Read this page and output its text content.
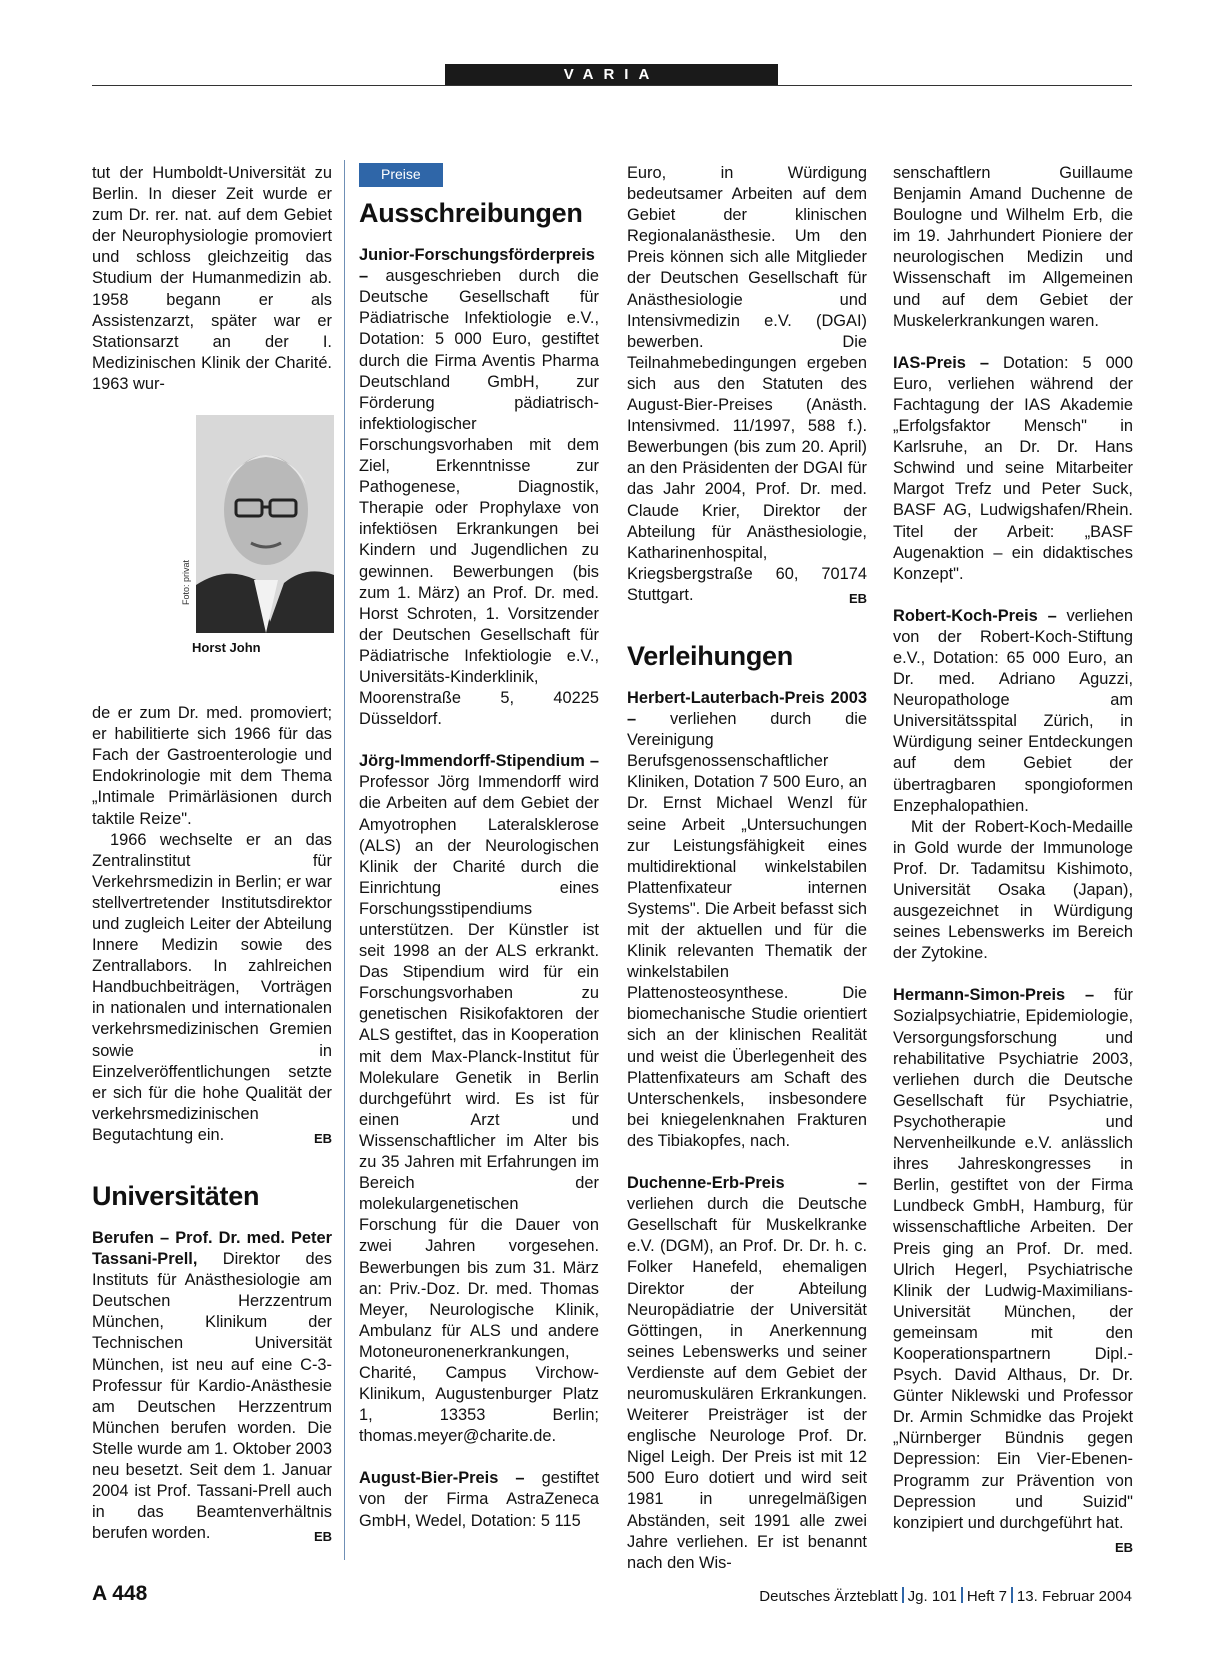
VARIA

tut der Humboldt-Universität zu Berlin. In dieser Zeit wurde er zum Dr. rer. nat. auf dem Gebiet der Neurophysiologie promoviert und schloss gleichzeitig das Studium der Humanmedizin ab. 1958 begann er als Assistenzarzt, später war er Stationsarzt an der I. Medizinischen Klinik der Charité. 1963 wur-

Foto: privat
Horst John

de er zum Dr. med. promoviert; er habilitierte sich 1966 für das Fach der Gastroenterologie und Endokrinologie mit dem Thema „Intimale Primärläsionen durch taktile Reize".

1966 wechselte er an das Zentralinstitut für Verkehrsmedizin in Berlin; er war stellvertretender Institutsdirektor und zugleich Leiter der Abteilung Innere Medizin sowie des Zentrallabors. In zahlreichen Handbuchbeiträgen, Vorträgen in nationalen und internationalen verkehrsmedizinischen Gremien sowie in Einzelveröffentlichungen setzte er sich für die hohe Qualität der verkehrsmedizinischen Begutachtung ein.	EB

Universitäten

Berufen – Prof. Dr. med. Peter Tassani-Prell, Direktor des Instituts für Anästhesiologie am Deutschen Herzzentrum München, Klinikum der Technischen Universität München, ist neu auf eine C-3-Professur für Kardio-Anästhesie am Deutschen Herzzentrum München berufen worden. Die Stelle wurde am 1. Oktober 2003 neu besetzt. Seit dem 1. Januar 2004 ist Prof. Tassani-Prell auch in das Beamtenverhältnis berufen worden.	EB

Preise
Ausschreibungen

Junior-Forschungsförderpreis – ausgeschrieben durch die Deutsche Gesellschaft für Pädiatrische Infektiologie e.V., Dotation: 5 000 Euro, gestiftet durch die Firma Aventis Pharma Deutschland GmbH, zur Förderung pädiatrisch-infektiologischer Forschungsvorhaben mit dem Ziel, Erkenntnisse zur Pathogenese, Diagnostik, Therapie oder Prophylaxe von infektiösen Erkrankungen bei Kindern und Jugendlichen zu gewinnen. Bewerbungen (bis zum 1. März) an Prof. Dr. med. Horst Schroten, 1. Vorsitzender der Deutschen Gesellschaft für Pädiatrische Infektiologie e.V., Universitäts-Kinderklinik, Moorenstraße 5, 40225 Düsseldorf.

Jörg-Immendorff-Stipendium – Professor Jörg Immendorff wird die Arbeiten auf dem Gebiet der Amyotrophen Lateralsklerose (ALS) an der Neurologischen Klinik der Charité durch die Einrichtung eines Forschungsstipendiums unterstützen. Der Künstler ist seit 1998 an der ALS erkrankt. Das Stipendium wird für ein Forschungsvorhaben zu genetischen Risikofaktoren der ALS gestiftet, das in Kooperation mit dem Max-Planck-Institut für Molekulare Genetik in Berlin durchgeführt wird. Es ist für einen Arzt und Wissenschaftlicher im Alter bis zu 35 Jahren mit Erfahrungen im Bereich der molekulargenetischen Forschung für die Dauer von zwei Jahren vorgesehen. Bewerbungen bis zum 31. März an: Priv.-Doz. Dr. med. Thomas Meyer, Neurologische Klinik, Ambulanz für ALS und andere Motoneuronenerkrankungen, Charité, Campus Virchow-Klinikum, Augustenburger Platz 1, 13353 Berlin; thomas.meyer@charite.de.

August-Bier-Preis – gestiftet von der Firma AstraZeneca GmbH, Wedel, Dotation: 5 115

Euro, in Würdigung bedeutsamer Arbeiten auf dem Gebiet der klinischen Regionalanästhesie. Um den Preis können sich alle Mitglieder der Deutschen Gesellschaft für Anästhesiologie und Intensivmedizin e.V. (DGAI) bewerben. Die Teilnahmebedingungen ergeben sich aus den Statuten des August-Bier-Preises (Anästh. Intensivmed. 11/1997, 588 f.). Bewerbungen (bis zum 20. April) an den Präsidenten der DGAI für das Jahr 2004, Prof. Dr. med. Claude Krier, Direktor der Abteilung für Anästhesiologie, Katharinenhospital, Kriegsbergstraße 60, 70174 Stuttgart.	EB

Verleihungen

Herbert-Lauterbach-Preis 2003 – verliehen durch die Vereinigung Berufsgenossenschaftlicher Kliniken, Dotation 7 500 Euro, an Dr. Ernst Michael Wenzl für seine Arbeit „Untersuchungen zur Leistungsfähigkeit eines multidirektional winkelstabilen Plattenfixateur internen Systems". Die Arbeit befasst sich mit der aktuellen und für die Klinik relevanten Thematik der winkelstabilen Plattenosteosynthese. Die biomechanische Studie orientiert sich an der klinischen Realität und weist die Überlegenheit des Plattenfixateurs am Schaft des Unterschenkels, insbesondere bei kniegelenknahen Frakturen des Tibiakopfes, nach.

Duchenne-Erb-Preis – verliehen durch die Deutsche Gesellschaft für Muskelkranke e.V. (DGM), an Prof. Dr. Dr. h. c. Folker Hanefeld, ehemaligen Direktor der Abteilung Neuropädiatrie der Universität Göttingen, in Anerkennung seines Lebenswerks und seiner Verdienste auf dem Gebiet der neuromuskulären Erkrankungen. Weiterer Preisträger ist der englische Neurologe Prof. Dr. Nigel Leigh. Der Preis ist mit 12 500 Euro dotiert und wird seit 1981 in unregelmäßigen Abständen, seit 1991 alle zwei Jahre verliehen. Er ist benannt nach den Wis-

senschaftlern Guillaume Benjamin Amand Duchenne de Boulogne und Wilhelm Erb, die im 19. Jahrhundert Pioniere der neurologischen Medizin und Wissenschaft im Allgemeinen und auf dem Gebiet der Muskelerkrankungen waren.

IAS-Preis – Dotation: 5 000 Euro, verliehen während der Fachtagung der IAS Akademie „Erfolgsfaktor Mensch" in Karlsruhe, an Dr. Dr. Hans Schwind und seine Mitarbeiter Margot Trefz und Peter Suck, BASF AG, Ludwigshafen/Rhein. Titel der Arbeit: „BASF Augenaktion – ein didaktisches Konzept".

Robert-Koch-Preis – verliehen von der Robert-Koch-Stiftung e.V., Dotation: 65 000 Euro, an Dr. med. Adriano Aguzzi, Neuropathologe am Universitätsspital Zürich, in Würdigung seiner Entdeckungen auf dem Gebiet der übertragbaren spongioformen Enzephalopathien.

Mit der Robert-Koch-Medaille in Gold wurde der Immunologe Prof. Dr. Tadamitsu Kishimoto, Universität Osaka (Japan), ausgezeichnet in Würdigung seines Lebenswerks im Bereich der Zytokine.

Hermann-Simon-Preis – für Sozialpsychiatrie, Epidemiologie, Versorgungsforschung und rehabilitative Psychiatrie 2003, verliehen durch die Deutsche Gesellschaft für Psychiatrie, Psychotherapie und Nervenheilkunde e.V. anlässlich ihres Jahreskongresses in Berlin, gestiftet von der Firma Lundbeck GmbH, Hamburg, für wissenschaftliche Arbeiten. Der Preis ging an Prof. Dr. med. Ulrich Hegerl, Psychiatrische Klinik der Ludwig-Maximilians-Universität München, der gemeinsam mit den Kooperationspartnern Dipl.-Psych. David Althaus, Dr. Dr. Günter Niklewski und Professor Dr. Armin Schmidke das Projekt „Nürnberger Bündnis gegen Depression: Ein Vier-Ebenen-Programm zur Prävention von Depression und Suizid" konzipiert und durchgeführt hat.
EB

A 448	Deutsches Ärzteblatt Jg. 101 Heft 7 13. Februar 2004
